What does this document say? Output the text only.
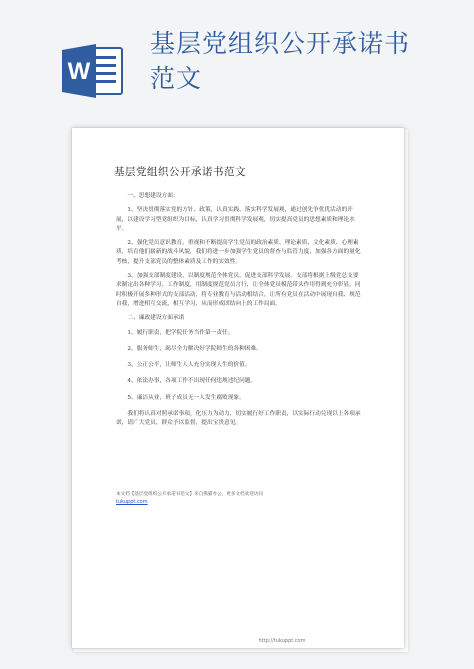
W
基层党组织公开承诺书
范文
基层党组织公开承诺书范文

一、思想建设方面：

1、坚决贯彻落实党的方针、政策，认真实践、落实科学发展观，通过创先争优优活动的开展，以建设学习型党组织为目标，认真学习贯彻科学发展观，切实提高党员的思想素质和理论水平。

2、强化党员意识教育，重视和不断提高学生党员的政治素质、理论素质、文化素质、心理素质，培育他们崭新的战斗风貌，我们将进一步加强学生党员的督查与监管力度，加强各方面的量化考核，提升支部党员的整体素质及工作的实效性。

3、加强支部制度建设，以制度规范全体党员，促进支部科学发展。支部将根据上级党总支要求制定出各种学习、工作制度，用制度规范党员言行，让全体党员模范带头作用得到充分彰显，同时积极开展多种形式的支部活动，将专业教育与活动相结合，让所有党员在活动中展现自我、规范自我，增进相互交流、相互学习，从而形成团结向上的工作局面。

二、廉政建设方面承诺

1、履行职责，把学院任务当作第一责任。

2、服务师生，竭尽全力解决好学院师生的各种困难。

3、公正公平，让师生人人充分实现人生的价值。

4、依法办事，各项工作不出现任何违规违纪问题。

5、廉洁从业，班子成员无一人发生腐败现象。

我们将认真对照承诺事项，化压力为动力，切实履行好工作职责，以实际行动兑现以上各项承诺，请广大党员、群众予以监督，提出宝贵意见。

本文档【基层党组织公开承诺书范文】来自熊猫办公，更多文档欢迎访问
tukuppt.com
http://tukuppt.com
